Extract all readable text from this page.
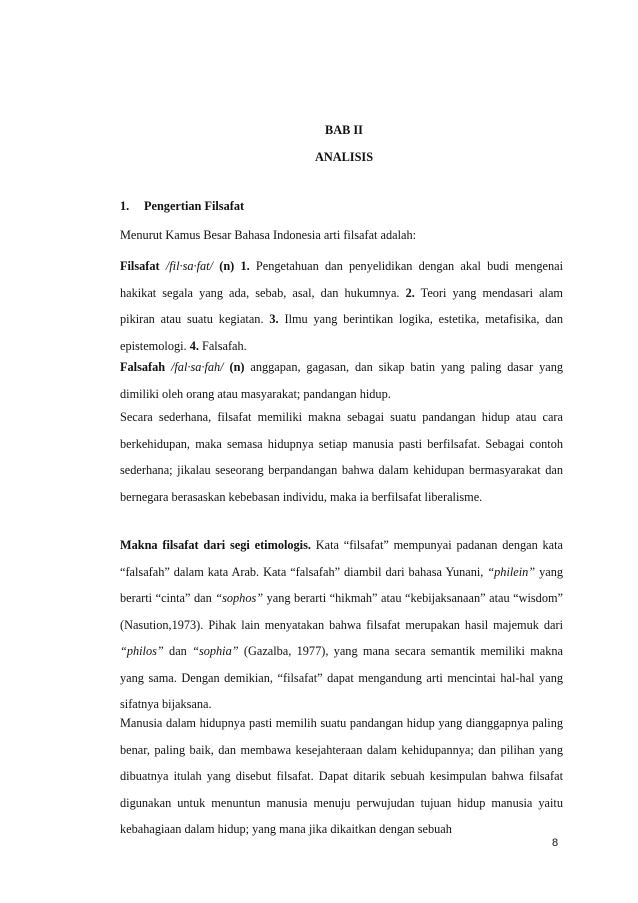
BAB II
ANALISIS
1. Pengertian Filsafat

Menurut Kamus Besar Bahasa Indonesia arti filsafat adalah:

Filsafat /fil·sa·fat/ (n) 1. Pengetahuan dan penyelidikan dengan akal budi mengenai hakikat segala yang ada, sebab, asal, dan hukumnya. 2. Teori yang mendasari alam pikiran atau suatu kegiatan. 3. Ilmu yang berintikan logika, estetika, metafisika, dan epistemologi. 4. Falsafah.

Falsafah /fal·sa·fah/ (n) anggapan, gagasan, dan sikap batin yang paling dasar yang dimiliki oleh orang atau masyarakat; pandangan hidup.

Secara sederhana, filsafat memiliki makna sebagai suatu pandangan hidup atau cara berkehidupan, maka semasa hidupnya setiap manusia pasti berfilsafat. Sebagai contoh sederhana; jikalau seseorang berpandangan bahwa dalam kehidupan bermasyarakat dan bernegara berasaskan kebebasan individu, maka ia berfilsafat liberalisme.

Makna filsafat dari segi etimologis. Kata “filsafat” mempunyai padanan dengan kata “falsafah” dalam kata Arab. Kata “falsafah” diambil dari bahasa Yunani, “philein” yang berarti “cinta” dan “sophos” yang berarti “hikmah” atau “kebijaksanaan” atau “wisdom” (Nasution,1973). Pihak lain menyatakan bahwa filsafat merupakan hasil majemuk dari “philos” dan “sophia” (Gazalba, 1977), yang mana secara semantik memiliki makna yang sama. Dengan demikian, “filsafat” dapat mengandung arti mencintai hal-hal yang sifatnya bijaksana.

Manusia dalam hidupnya pasti memilih suatu pandangan hidup yang dianggapnya paling benar, paling baik, dan membawa kesejahteraan dalam kehidupannya; dan pilihan yang dibuatnya itulah yang disebut filsafat. Dapat ditarik sebuah kesimpulan bahwa filsafat digunakan untuk menuntun manusia menuju perwujudan tujuan hidup manusia yaitu kebahagiaan dalam hidup; yang mana jika dikaitkan dengan sebuah

8
